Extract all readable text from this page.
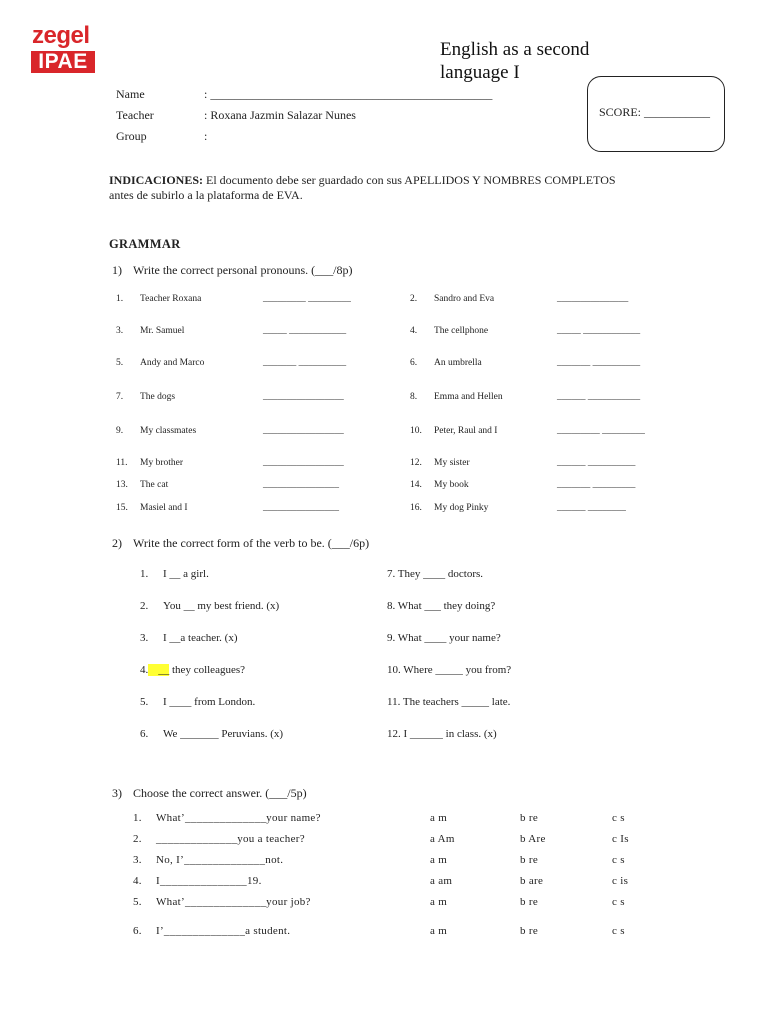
zegel
IPAE
English as a second
language I
Name	: _______________________________________________
Teacher	: Roxana Jazmin Salazar Nunes
Group	:
SCORE: ___________
INDICACIONES: El documento debe ser guardado con sus APELLIDOS Y NOMBRES COMPLETOS
antes de subirlo a la plataforma de EVA.
GRAMMAR
1) Write the correct personal pronouns. (___/8p)
1. Teacher Roxana	_________ _________	2. Sandro and Eva	_______________
3. Mr. Samuel	_____ ____________	4. The cellphone	_____ ____________
5. Andy and Marco	_______ __________	6. An umbrella	_______ __________
7. The dogs	_________________	8. Emma and Hellen	______ ___________
9. My classmates	_________________	10. Peter, Raul and I	_________ _________
11. My brother	_________________	12. My sister	______ __________
13. The cat	________________	14. My book	_______ _________
15. Masiel and I	________________	16. My dog Pinky	______ ________
2) Write the correct form of the verb to be. (___/6p)
1. I __ a girl.
2. You __ my best friend. (x)
3. I __a teacher. (x)
4. __ they colleagues?
5. I ____ from London.
6. We _______ Peruvians. (x)
7. They ____ doctors.
8. What ___ they doing?
9. What ____ your name?
10. Where _____ you from?
11. The teachers _____ late.
12. I ______ in class. (x)
3) Choose the correct answer. (___/5p)
1. What’______________your name?	a m	b re	c s
2. ______________you a teacher?	a Am	b Are	c Is
3. No, I’______________not.	a m	b re	c s
4. I_______________19.	a am	b are	c is
5. What’______________your job?	a m	b re	c s
6. I’______________a student.	a m	b re	c s
